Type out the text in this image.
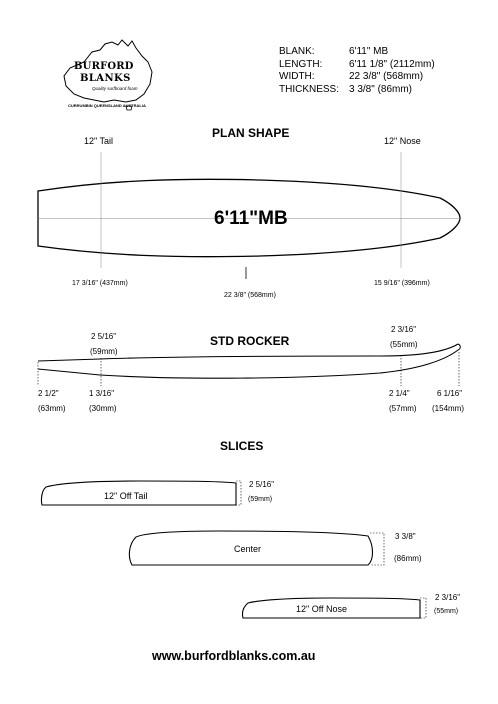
BURFORD
BLANKS
Quality surfboard foam
CURRUMBIN QUEENSLAND AUSTRALIA
BLANK:	6'11" MB
LENGTH:	6'11 1/8" (2112mm)
WIDTH:	22 3/8" (568mm)
THICKNESS: 3 3/8" (86mm)
PLAN SHAPE
12" Tail	12" Nose
6'11"MB
17 3/16" (437mm)
22 3/8" (568mm)
15 9/16" (396mm)
STD ROCKER
2 5/16"
(59mm)
2 3/16"
(55mm)
2 1/2"
(63mm)
1 3/16"
(30mm)
2 1/4"
(57mm)
6 1/16"
(154mm)
SLICES
12" Off Tail
2 5/16"
(59mm)
Center
3 3/8"
(86mm)
12" Off Nose
2 3/16"
(55mm)
www.burfordblanks.com.au
